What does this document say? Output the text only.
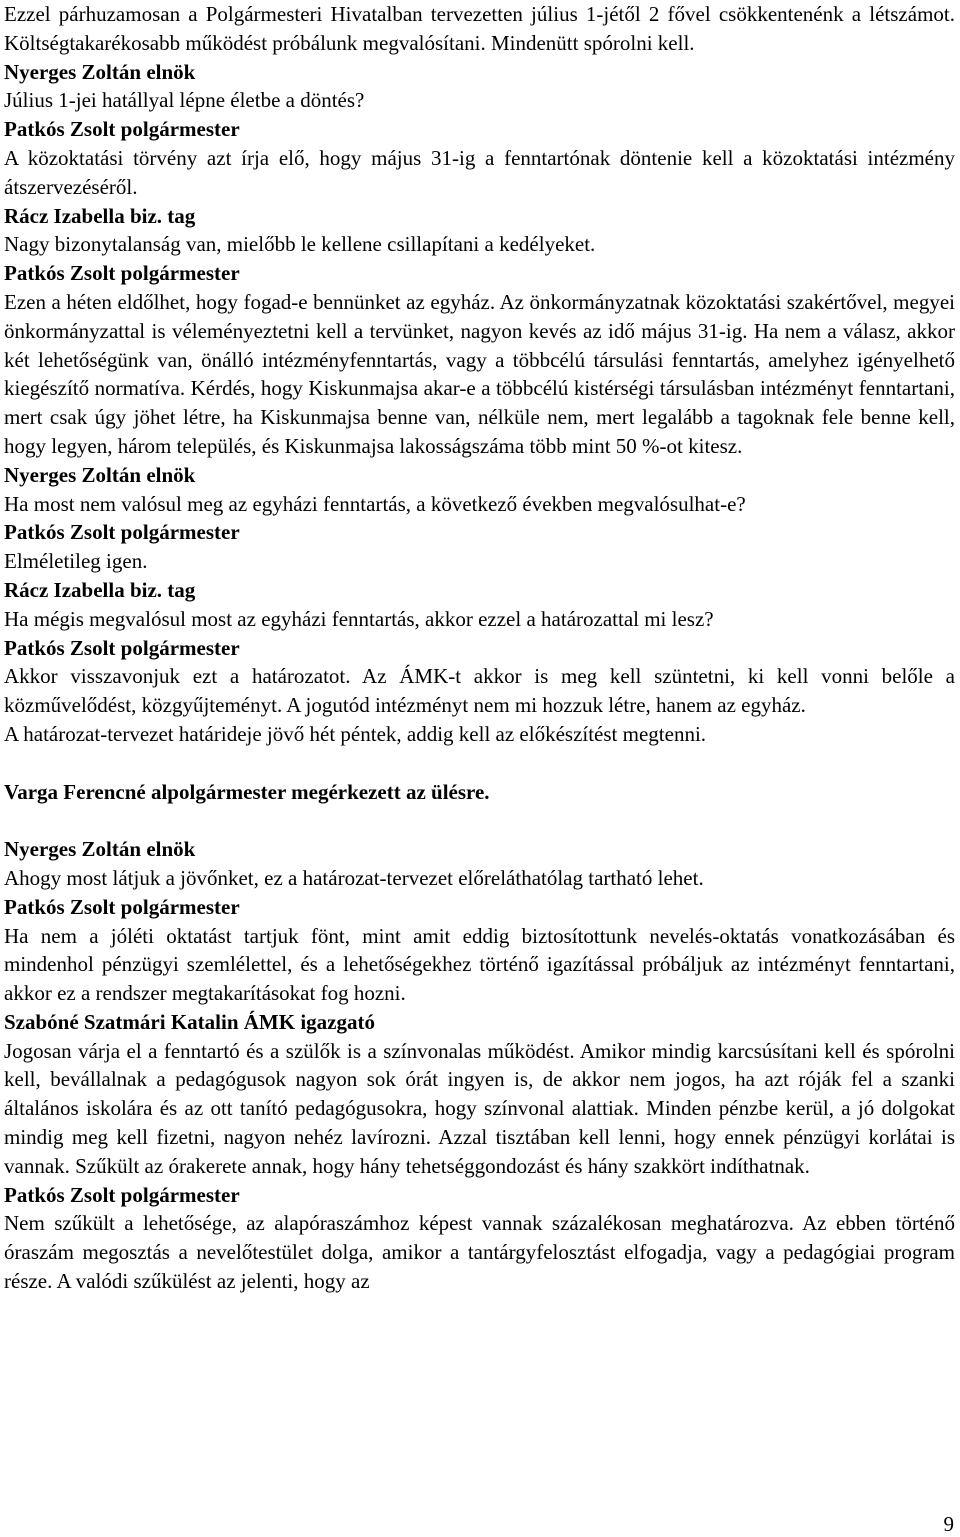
Ezzel párhuzamosan a Polgármesteri Hivatalban tervezetten július 1-jétől 2 fővel csökkentenénk a létszámot. Költségtakarékosabb működést próbálunk megvalósítani. Mindenütt spórolni kell.

Nyerges Zoltán elnök

Július 1-jei hatállyal lépne életbe a döntés?

Patkós Zsolt polgármester

A közoktatási törvény azt írja elő, hogy május 31-ig a fenntartónak döntenie kell a közoktatási intézmény átszervezéséről.

Rácz Izabella biz. tag

Nagy bizonytalanság van, mielőbb le kellene csillapítani a kedélyeket.

Patkós Zsolt polgármester

Ezen a héten eldőlhet, hogy fogad-e bennünket az egyház. Az önkormányzatnak közoktatási szakértővel, megyei önkormányzattal is véleményeztetni kell a tervünket, nagyon kevés az idő május 31-ig. Ha nem a válasz, akkor két lehetőségünk van, önálló intézményfenntartás, vagy a többcélú társulási fenntartás, amelyhez igényelhető kiegészítő normatíva. Kérdés, hogy Kiskunmajsa akar-e a többcélú kistérségi társulásban intézményt fenntartani, mert csak úgy jöhet létre, ha Kiskunmajsa benne van, nélküle nem, mert legalább a tagoknak fele benne kell, hogy legyen, három település, és Kiskunmajsa lakosságszáma több mint 50 %-ot kitesz.

Nyerges Zoltán elnök

Ha most nem valósul meg az egyházi fenntartás, a következő években megvalósulhat-e?

Patkós Zsolt polgármester

Elméletileg igen.

Rácz Izabella biz. tag

Ha mégis megvalósul most az egyházi fenntartás, akkor ezzel a határozattal mi lesz?

Patkós Zsolt polgármester

Akkor visszavonjuk ezt a határozatot. Az ÁMK-t akkor is meg kell szüntetni, ki kell vonni belőle a közművelődést, közgyűjteményt. A jogutód intézményt nem mi hozzuk létre, hanem az egyház.

A határozat-tervezet határideje jövő hét péntek, addig kell az előkészítést megtenni.

Varga Ferencné alpolgármester megérkezett az ülésre.

Nyerges Zoltán elnök

Ahogy most látjuk a jövőnket, ez a határozat-tervezet előreláthatólag tartható lehet.

Patkós Zsolt polgármester

Ha nem a jóléti oktatást tartjuk fönt, mint amit eddig biztosítottunk nevelés-oktatás vonatkozásában és mindenhol pénzügyi szemlélettel, és a lehetőségekhez történő igazítással próbáljuk az intézményt fenntartani, akkor ez a rendszer megtakarításokat fog hozni.

Szabóné Szatmári Katalin ÁMK igazgató

Jogosan várja el a fenntartó és a szülők is a színvonalas működést. Amikor mindig karcsúsítani kell és spórolni kell, bevállalnak a pedagógusok nagyon sok órát ingyen is, de akkor nem jogos, ha azt róják fel a szanki általános iskolára és az ott tanító pedagógusokra, hogy színvonal alattiak. Minden pénzbe kerül, a jó dolgokat mindig meg kell fizetni, nagyon nehéz lavírozni. Azzal tisztában kell lenni, hogy ennek pénzügyi korlátai is vannak. Szűkült az órakerete annak, hogy hány tehetséggondozást és hány szakkört indíthatnak.

Patkós Zsolt polgármester

Nem szűkült a lehetősége, az alapóraszámhoz képest vannak százalékosan meghatározva. Az ebben történő óraszám megosztás a nevelőtestület dolga, amikor a tantárgyfelosztást elfogadja, vagy a pedagógiai program része. A valódi szűkülést az jelenti, hogy az

9
